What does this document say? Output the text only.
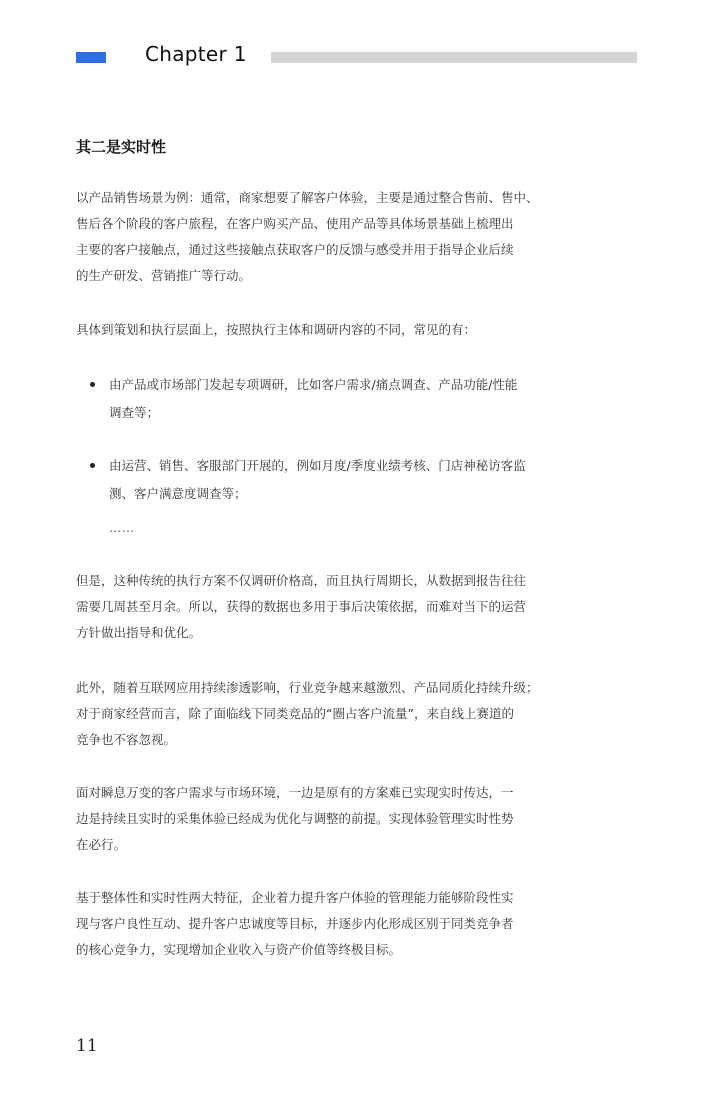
Chapter 1
其二是实时性
以产品销售场景为例：通常，商家想要了解客户体验，主要是通过整合售前、售中、
售后各个阶段的客户旅程，在客户购买产品、使用产品等具体场景基础上梳理出
主要的客户接触点，通过这些接触点获取客户的反馈与感受并用于指导企业后续
的生产研发、营销推广等行动。
具体到策划和执行层面上，按照执行主体和调研内容的不同，常见的有：
由产品或市场部门发起专项调研，比如客户需求/痛点调查、产品功能/性能
调查等；
由运营、销售、客服部门开展的，例如月度/季度业绩考核、门店神秘访客监
测、客户满意度调查等；
……
但是，这种传统的执行方案不仅调研价格高，而且执行周期长，从数据到报告往往
需要几周甚至月余。所以，获得的数据也多用于事后决策依据，而难对当下的运营
方针做出指导和优化。
此外，随着互联网应用持续渗透影响，行业竞争越来越激烈、产品同质化持续升级；
对于商家经营而言，除了面临线下同类竞品的“圈占客户流量”，来自线上赛道的
竞争也不容忽视。
面对瞬息万变的客户需求与市场环境，一边是原有的方案难已实现实时传达，一
边是持续且实时的采集体验已经成为优化与调整的前提。实现体验管理实时性势
在必行。
基于整体性和实时性两大特征，企业着力提升客户体验的管理能力能够阶段性实
现与客户良性互动、提升客户忠诚度等目标，并逐步内化形成区别于同类竞争者
的核心竞争力，实现增加企业收入与资产价值等终极目标。
11
